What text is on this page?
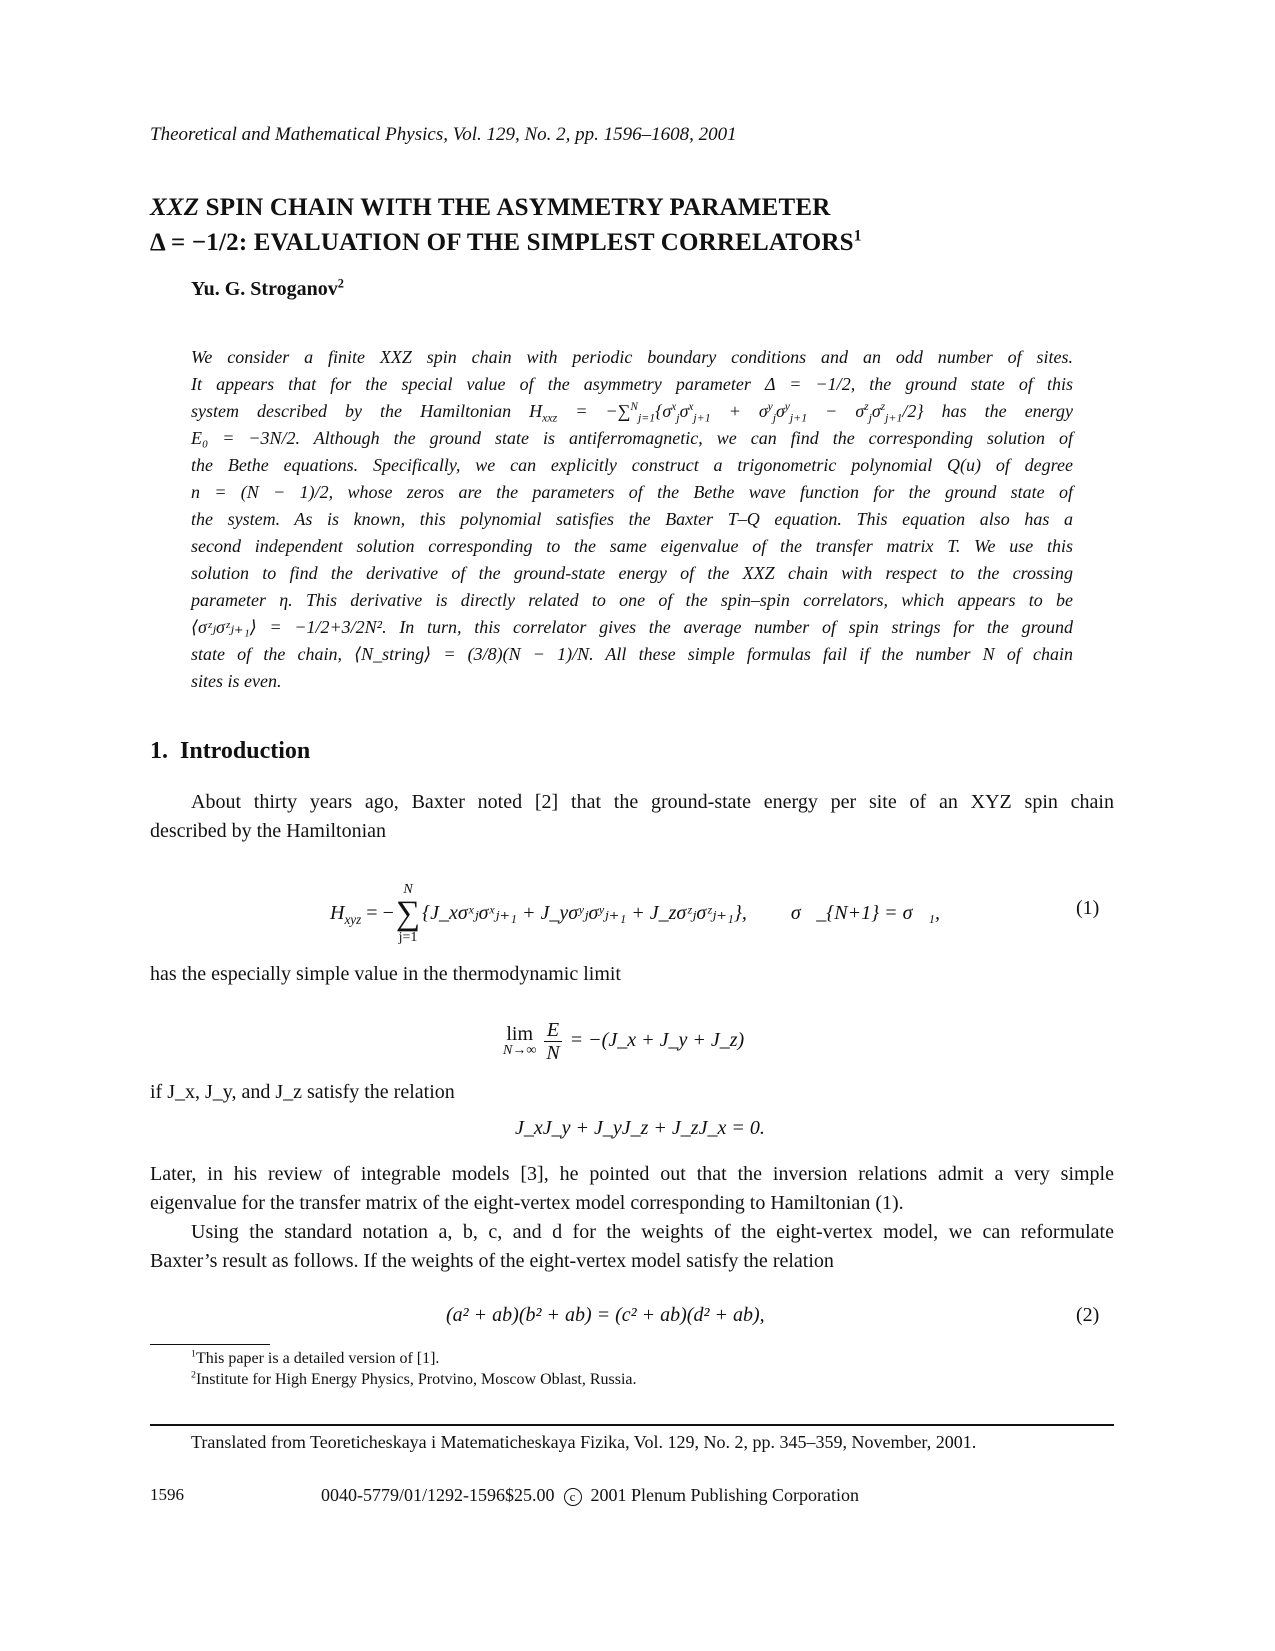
Theoretical and Mathematical Physics, Vol. 129, No. 2, pp. 1596–1608, 2001
XXZ SPIN CHAIN WITH THE ASYMMETRY PARAMETER
Δ = −1/2: EVALUATION OF THE SIMPLEST CORRELATORS$^1$
Yu. G. Stroganov$^2$
We consider a finite XXZ spin chain with periodic boundary conditions and an odd number of sites.
It appears that for the special value of the asymmetry parameter Δ = −1/2, the ground state of this
system described by the Hamiltonian $H_{xxz} = -\sum^N_{j=1}\{\sigma^x_j\sigma^x_{j+1} + \sigma^y_j\sigma^y_{j+1} - \sigma^z_j\sigma^z_{j+1}/2\}$ has the energy
E₀ = −3N/2. Although the ground state is antiferromagnetic, we can find the corresponding solution of
the Bethe equations. Specifically, we can explicitly construct a trigonometric polynomial Q(u) of degree
n = (N − 1)/2, whose zeros are the parameters of the Bethe wave function for the ground state of
the system. As is known, this polynomial satisfies the Baxter T–Q equation. This equation also has a
second independent solution corresponding to the same eigenvalue of the transfer matrix T. We use this
solution to find the derivative of the ground-state energy of the XXZ chain with respect to the crossing
parameter η. This derivative is directly related to one of the spin–spin correlators, which appears to be
⟨σᶻⱼσᶻⱼ₊₁⟩ = −1/2+3/2N². In turn, this correlator gives the average number of spin strings for the ground
state of the chain, ⟨N_string⟩ = (3/8)(N − 1)/N. All these simple formulas fail if the number N of chain
sites is even.
1. Introduction
About thirty years ago, Baxter noted [2] that the ground-state energy per site of an XYZ spin chain
described by the Hamiltonian
$H_{xyz}$ = −
N
∑
j=1
{J_xσˣⱼσˣⱼ₊₁ + J_yσʸⱼσʸⱼ₊₁ + J_zσᶻⱼσᶻⱼ₊₁}, σ⃗_{N+1} = σ⃗₁,	(1)
has the especially simple value in the thermodynamic limit
lim
N→∞
$\frac{E}{N}$ = −(J_x + J_y + J_z)
if J_x, J_y, and J_z satisfy the relation
J_xJ_y + J_yJ_z + J_zJ_x = 0.
Later, in his review of integrable models [3], he pointed out that the inversion relations admit a very simple
eigenvalue for the transfer matrix of the eight-vertex model corresponding to Hamiltonian (1).
Using the standard notation a, b, c, and d for the weights of the eight-vertex model, we can reformulate
Baxter’s result as follows. If the weights of the eight-vertex model satisfy the relation
(a² + ab)(b² + ab) = (c² + ab)(d² + ab),	(2)
$^1$This paper is a detailed version of [1].
$^2$Institute for High Energy Physics, Protvino, Moscow Oblast, Russia.
Translated from Teoreticheskaya i Matematicheskaya Fizika, Vol. 129, No. 2, pp. 345–359, November, 2001.
1596	0040-5779/01/1292-1596$25.00 c 2001 Plenum Publishing Corporation
